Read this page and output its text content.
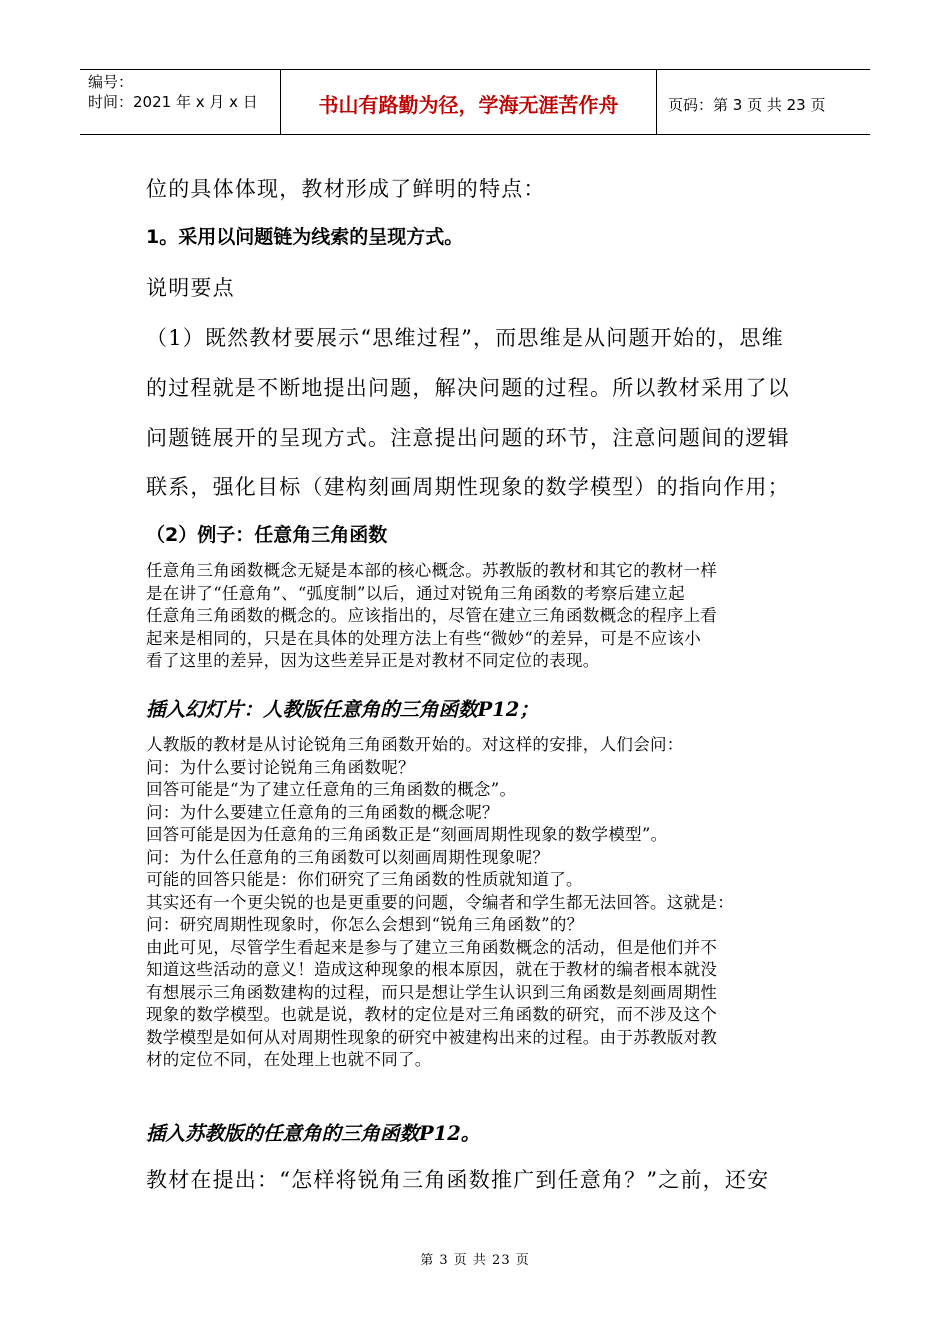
编号：
时间：2021 年 x 月 x 日	书山有路勤为径，学海无涯苦作舟	页码：第 3 页 共 23 页
位的具体体现，教材形成了鲜明的特点：
1。采用以问题链为线索的呈现方式。
说明要点
（1）既然教材要展示“思维过程”，而思维是从问题开始的，思维
的过程就是不断地提出问题，解决问题的过程。所以教材采用了以
问题链展开的呈现方式。注意提出问题的环节，注意问题间的逻辑
联系，强化目标（建构刻画周期性现象的数学模型）的指向作用；
（2）例子：任意角三角函数
任意角三角函数概念无疑是本部的核心概念。苏教版的教材和其它的教材一样
是在讲了“任意角”、“弧度制”以后，通过对锐角三角函数的考察后建立起
任意角三角函数的概念的。应该指出的，尽管在建立三角函数概念的程序上看
起来是相同的，只是在具体的处理方法上有些“微妙“的差异，可是不应该小
看了这里的差异，因为这些差异正是对教材不同定位的表现。
插入幻灯片：人教版任意角的三角函数P12；
人教版的教材是从讨论锐角三角函数开始的。对这样的安排，人们会问：
问：为什么要讨论锐角三角函数呢？
回答可能是“为了建立任意角的三角函数的概念”。
问：为什么要建立任意角的三角函数的概念呢？
回答可能是因为任意角的三角函数正是“刻画周期性现象的数学模型”。
问：为什么任意角的三角函数可以刻画周期性现象呢？
可能的回答只能是：你们研究了三角函数的性质就知道了。
其实还有一个更尖锐的也是更重要的问题，令编者和学生都无法回答。这就是：
问：研究周期性现象时，你怎么会想到“锐角三角函数”的？
由此可见，尽管学生看起来是参与了建立三角函数概念的活动，但是他们并不
知道这些活动的意义！造成这种现象的根本原因，就在于教材的编者根本就没
有想展示三角函数建构的过程，而只是想让学生认识到三角函数是刻画周期性
现象的数学模型。也就是说，教材的定位是对三角函数的研究，而不涉及这个
数学模型是如何从对周期性现象的研究中被建构出来的过程。由于苏教版对教
材的定位不同，在处理上也就不同了。
插入苏教版的任意角的三角函数P12。
教材在提出：“怎样将锐角三角函数推广到任意角？”之前，还安
第 3 页 共 23 页
